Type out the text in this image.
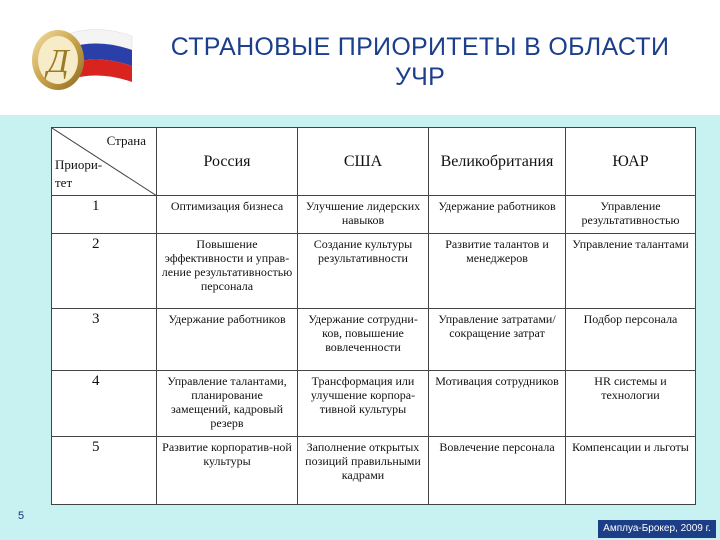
Д	СТРАНОВЫЕ ПРИОРИТЕТЫ В ОБЛАСТИ
УЧР
Страна
Приори- тет	Россия	США	Великобритания	ЮАР
1	Оптимизация бизнеса	Улучшение лидерских навыков	Удержание работников	Управление результативностью
2	Повышение эффективности и управ-ление результативностью персонала	Создание культуры результативности	Развитие талантов и менеджеров	Управление талантами
3	Удержание работников	Удержание сотрудни-ков, повышение вовлеченности	Управление затратами/сокращение затрат	Подбор персонала
4	Управление талантами, планирование замещений, кадровый резерв	Трансформация или улучшение корпора-тивной культуры	Мотивация сотрудников	HR системы и технологии
5	Развитие корпоратив-ной культуры	Заполнение открытых позиций правильными кадрами	Вовлечение персонала	Компенсации и льготы
5
Амплуа-Брокер, 2009 г.
